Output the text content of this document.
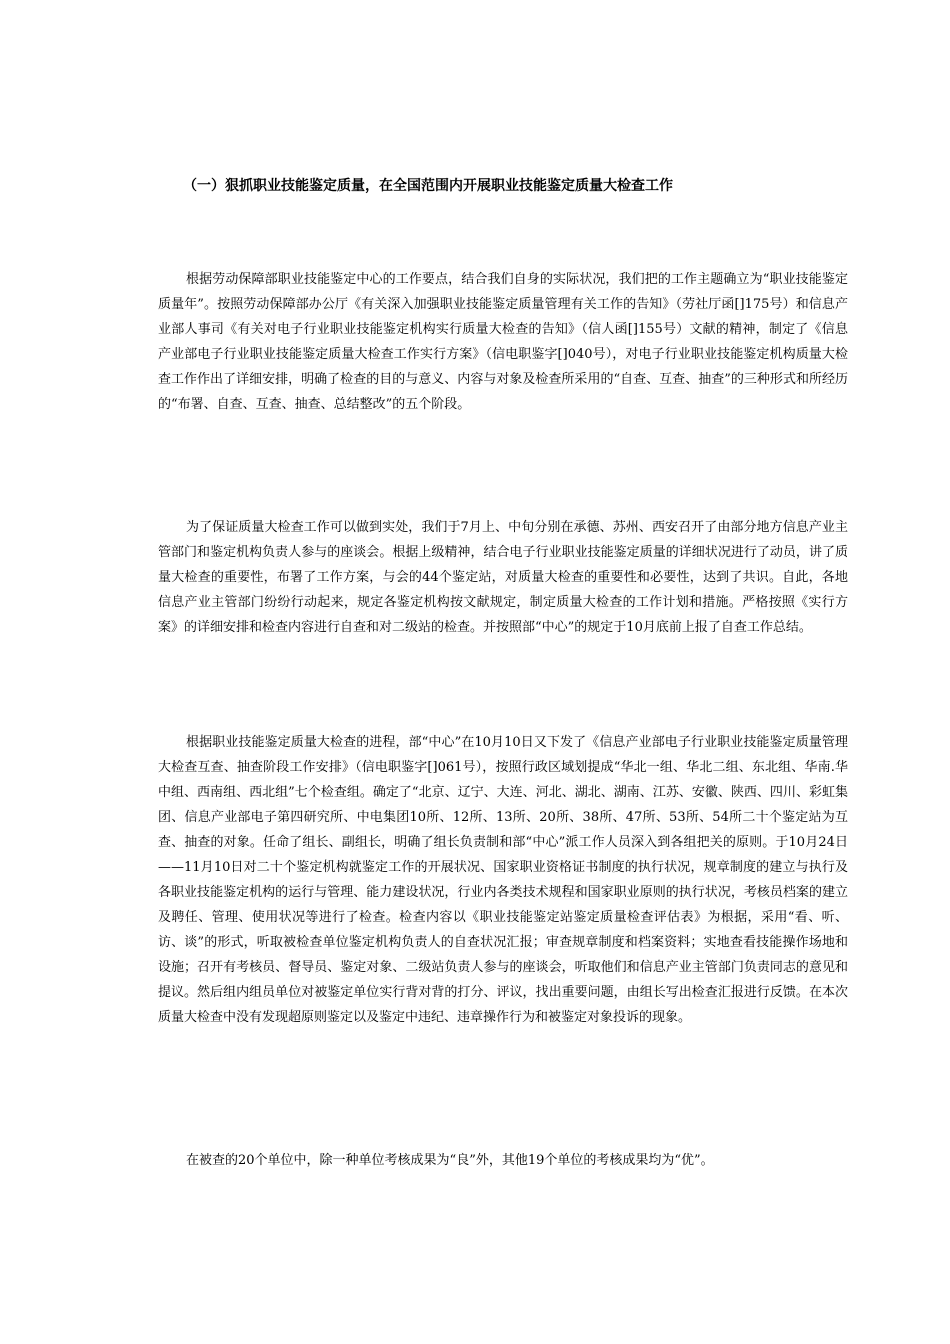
（一）狠抓职业技能鉴定质量，在全国范围内开展职业技能鉴定质量大检查工作

根据劳动保障部职业技能鉴定中心的工作要点，结合我们自身的实际状况，我们把的工作主题确立为“职业技能鉴定质量年”。按照劳动保障部办公厅《有关深入加强职业技能鉴定质量管理有关工作的告知》（劳社厅函[]175号）和信息产业部人事司《有关对电子行业职业技能鉴定机构实行质量大检查的告知》（信人函[]155号）文献的精神，制定了《信息产业部电子行业职业技能鉴定质量大检查工作实行方案》（信电职鉴字[]040号），对电子行业职业技能鉴定机构质量大检查工作作出了详细安排，明确了检查的目的与意义、内容与对象及检查所采用的“自查、互查、抽查”的三种形式和所经历的“布署、自查、互查、抽查、总结整改”的五个阶段。

为了保证质量大检查工作可以做到实处，我们于7月上、中旬分别在承德、苏州、西安召开了由部分地方信息产业主管部门和鉴定机构负责人参与的座谈会。根据上级精神，结合电子行业职业技能鉴定质量的详细状况进行了动员，讲了质量大检查的重要性，布署了工作方案，与会的44个鉴定站，对质量大检查的重要性和必要性，达到了共识。自此，各地信息产业主管部门纷纷行动起来，规定各鉴定机构按文献规定，制定质量大检查的工作计划和措施。严格按照《实行方案》的详细安排和检查内容进行自查和对二级站的检查。并按照部“中心”的规定于10月底前上报了自查工作总结。

根据职业技能鉴定质量大检查的进程，部“中心”在10月10日又下发了《信息产业部电子行业职业技能鉴定质量管理大检查互查、抽查阶段工作安排》（信电职鉴字[]061号），按照行政区域划提成“华北一组、华北二组、东北组、华南.华中组、西南组、西北组”七个检查组。确定了“北京、辽宁、大连、河北、湖北、湖南、江苏、安徽、陕西、四川、彩虹集团、信息产业部电子第四研究所、中电集团10所、12所、13所、20所、38所、47所、53所、54所二十个鉴定站为互查、抽查的对象。任命了组长、副组长，明确了组长负责制和部“中心”派工作人员深入到各组把关的原则。于10月24日——11月10日对二十个鉴定机构就鉴定工作的开展状况、国家职业资格证书制度的执行状况，规章制度的建立与执行及各职业技能鉴定机构的运行与管理、能力建设状况，行业内各类技术规程和国家职业原则的执行状况，考核员档案的建立及聘任、管理、使用状况等进行了检查。检查内容以《职业技能鉴定站鉴定质量检查评估表》为根据，采用“看、听、访、谈”的形式，听取被检查单位鉴定机构负责人的自查状况汇报；审查规章制度和档案资料；实地查看技能操作场地和设施；召开有考核员、督导员、鉴定对象、二级站负责人参与的座谈会，听取他们和信息产业主管部门负责同志的意见和提议。然后组内组员单位对被鉴定单位实行背对背的打分、评议，找出重要问题，由组长写出检查汇报进行反馈。在本次质量大检查中没有发现超原则鉴定以及鉴定中违纪、违章操作行为和被鉴定对象投诉的现象。

在被查的20个单位中，除一种单位考核成果为“良”外，其他19个单位的考核成果均为“优”。
